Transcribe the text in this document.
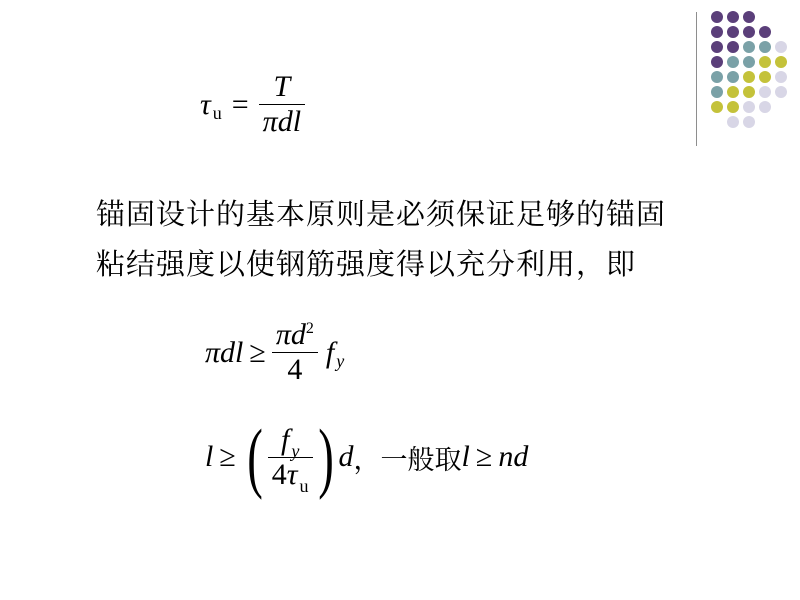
τ $u = \frac{T}{\text{πdl}}$
锚固设计的基本原则是必须保证足够的锚固
粘结强度以使钢筋强度得以充分利用，即
$\pi dl \ge \frac{\pi d^2}{4}$ f y
l ≥ ( $\frac{f _y}{4\tau _u}$ ) d ，一般取 l ≥ nd
